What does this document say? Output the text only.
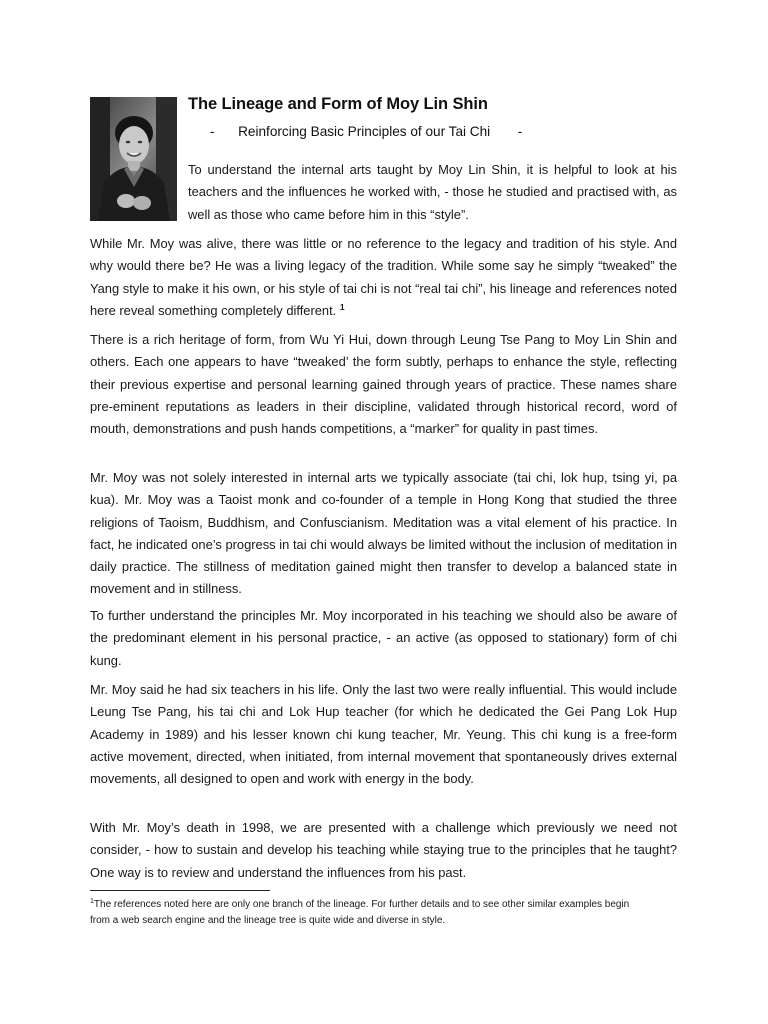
The Lineage and Form of Moy Lin Shin
- Reinforcing Basic Principles of our Tai Chi -

To understand the internal arts taught by Moy Lin Shin, it is helpful to look at his teachers and the influences he worked with, - those he studied and practised with, as well as those who came before him in this “style”.

While Mr. Moy was alive, there was little or no reference to the legacy and tradition of his style. And why would there be? He was a living legacy of the tradition. While some say he simply “tweaked” the Yang style to make it his own, or his style of tai chi is not “real tai chi”, his lineage and references noted here reveal something completely different. $^1$

There is a rich heritage of form, from Wu Yi Hui, down through Leung Tse Pang to Moy Lin Shin and others. Each one appears to have “tweaked’ the form subtly, perhaps to enhance the style, reflecting their previous expertise and personal learning gained through years of practice. These names share pre-eminent reputations as leaders in their discipline, validated through historical record, word of mouth, demonstrations and push hands competitions, a “marker” for quality in past times.

Mr. Moy was not solely interested in internal arts we typically associate (tai chi, lok hup, tsing yi, pa kua). Mr. Moy was a Taoist monk and co-founder of a temple in Hong Kong that studied the three religions of Taoism, Buddhism, and Confuscianism. Meditation was a vital element of his practice. In fact, he indicated one’s progress in tai chi would always be limited without the inclusion of meditation in daily practice. The stillness of meditation gained might then transfer to develop a balanced state in movement and in stillness.

To further understand the principles Mr. Moy incorporated in his teaching we should also be aware of the predominant element in his personal practice, - an active (as opposed to stationary) form of chi kung.

Mr. Moy said he had six teachers in his life. Only the last two were really influential. This would include Leung Tse Pang, his tai chi and Lok Hup teacher (for which he dedicated the Gei Pang Lok Hup Academy in 1989) and his lesser known chi kung teacher, Mr. Yeung. This chi kung is a free-form active movement, directed, when initiated, from internal movement that spontaneously drives external movements, all designed to open and work with energy in the body.

With Mr. Moy’s death in 1998, we are presented with a challenge which previously we need not consider, - how to sustain and develop his teaching while staying true to the principles that he taught? One way is to review and understand the influences from his past.

$^1$The references noted here are only one branch of the lineage. For further details and to see other similar examples begin from a web search engine and the lineage tree is quite wide and diverse in style.
